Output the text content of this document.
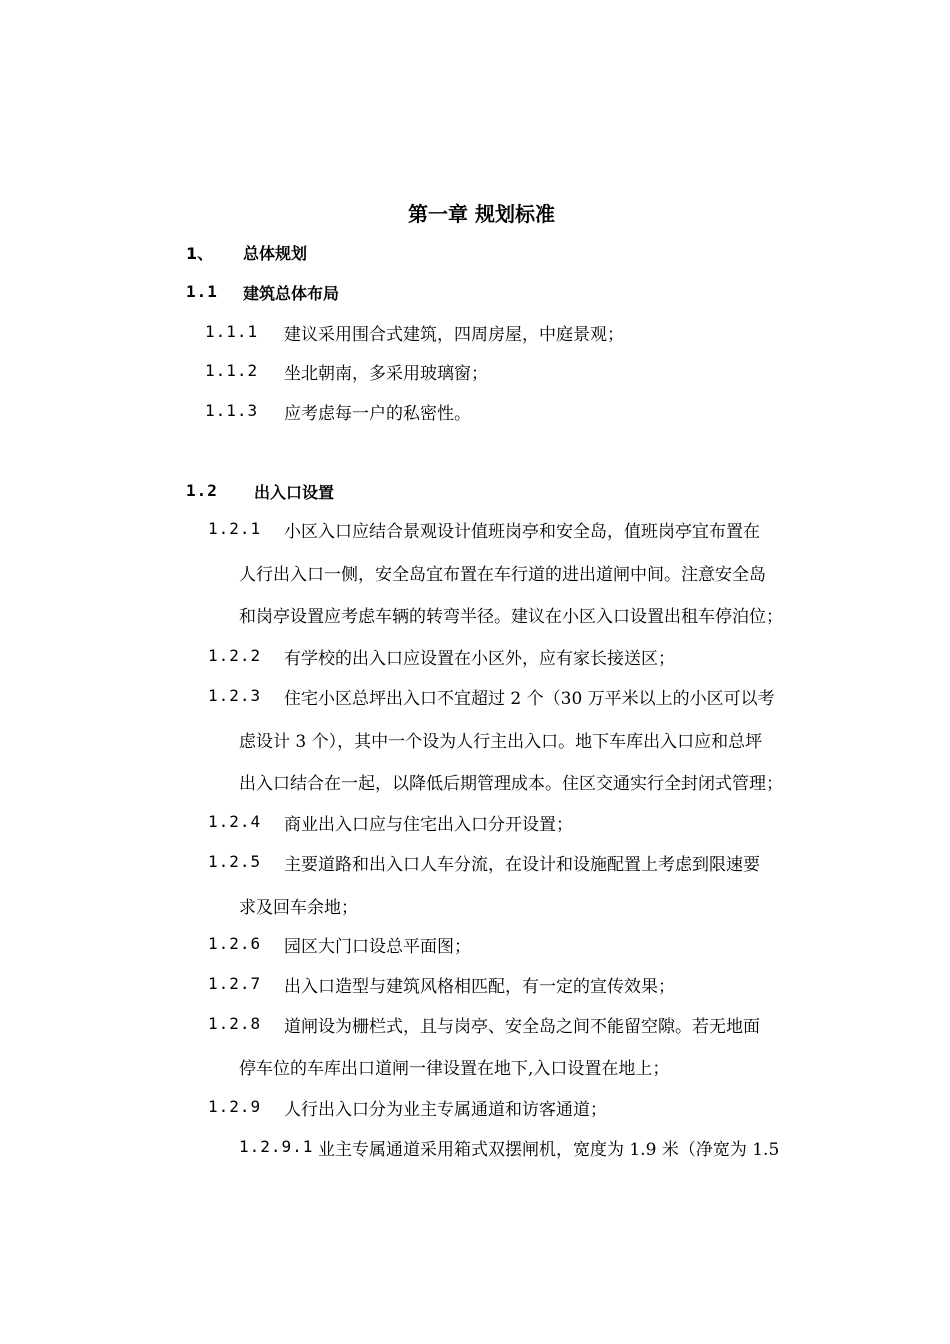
第一章 规划标准
1、 总体规划
1.1 建筑总体布局
1.1.1 建议采用围合式建筑，四周房屋，中庭景观；
1.1.2 坐北朝南，多采用玻璃窗；
1.1.3 应考虑每一户的私密性。
1.2 出入口设置
1.2.1 小区入口应结合景观设计值班岗亭和安全岛，值班岗亭宜布置在
人行出入口一侧，安全岛宜布置在车行道的进出道闸中间。注意安全岛
和岗亭设置应考虑车辆的转弯半径。建议在小区入口设置出租车停泊位；
1.2.2 有学校的出入口应设置在小区外，应有家长接送区；
1.2.3 住宅小区总坪出入口不宜超过 2 个（30 万平米以上的小区可以考
虑设计 3 个），其中一个设为人行主出入口。地下车库出入口应和总坪
出入口结合在一起，以降低后期管理成本。住区交通实行全封闭式管理；
1.2.4 商业出入口应与住宅出入口分开设置；
1.2.5 主要道路和出入口人车分流，在设计和设施配置上考虑到限速要
求及回车余地；
1.2.6 园区大门口设总平面图；
1.2.7 出入口造型与建筑风格相匹配，有一定的宣传效果；
1.2.8 道闸设为栅栏式，且与岗亭、安全岛之间不能留空隙。若无地面
停车位的车库出口道闸一律设置在地下,入口设置在地上；
1.2.9 人行出入口分为业主专属通道和访客通道；
1.2.9.1 业主专属通道采用箱式双摆闸机，宽度为 1.9 米（净宽为 1.5
